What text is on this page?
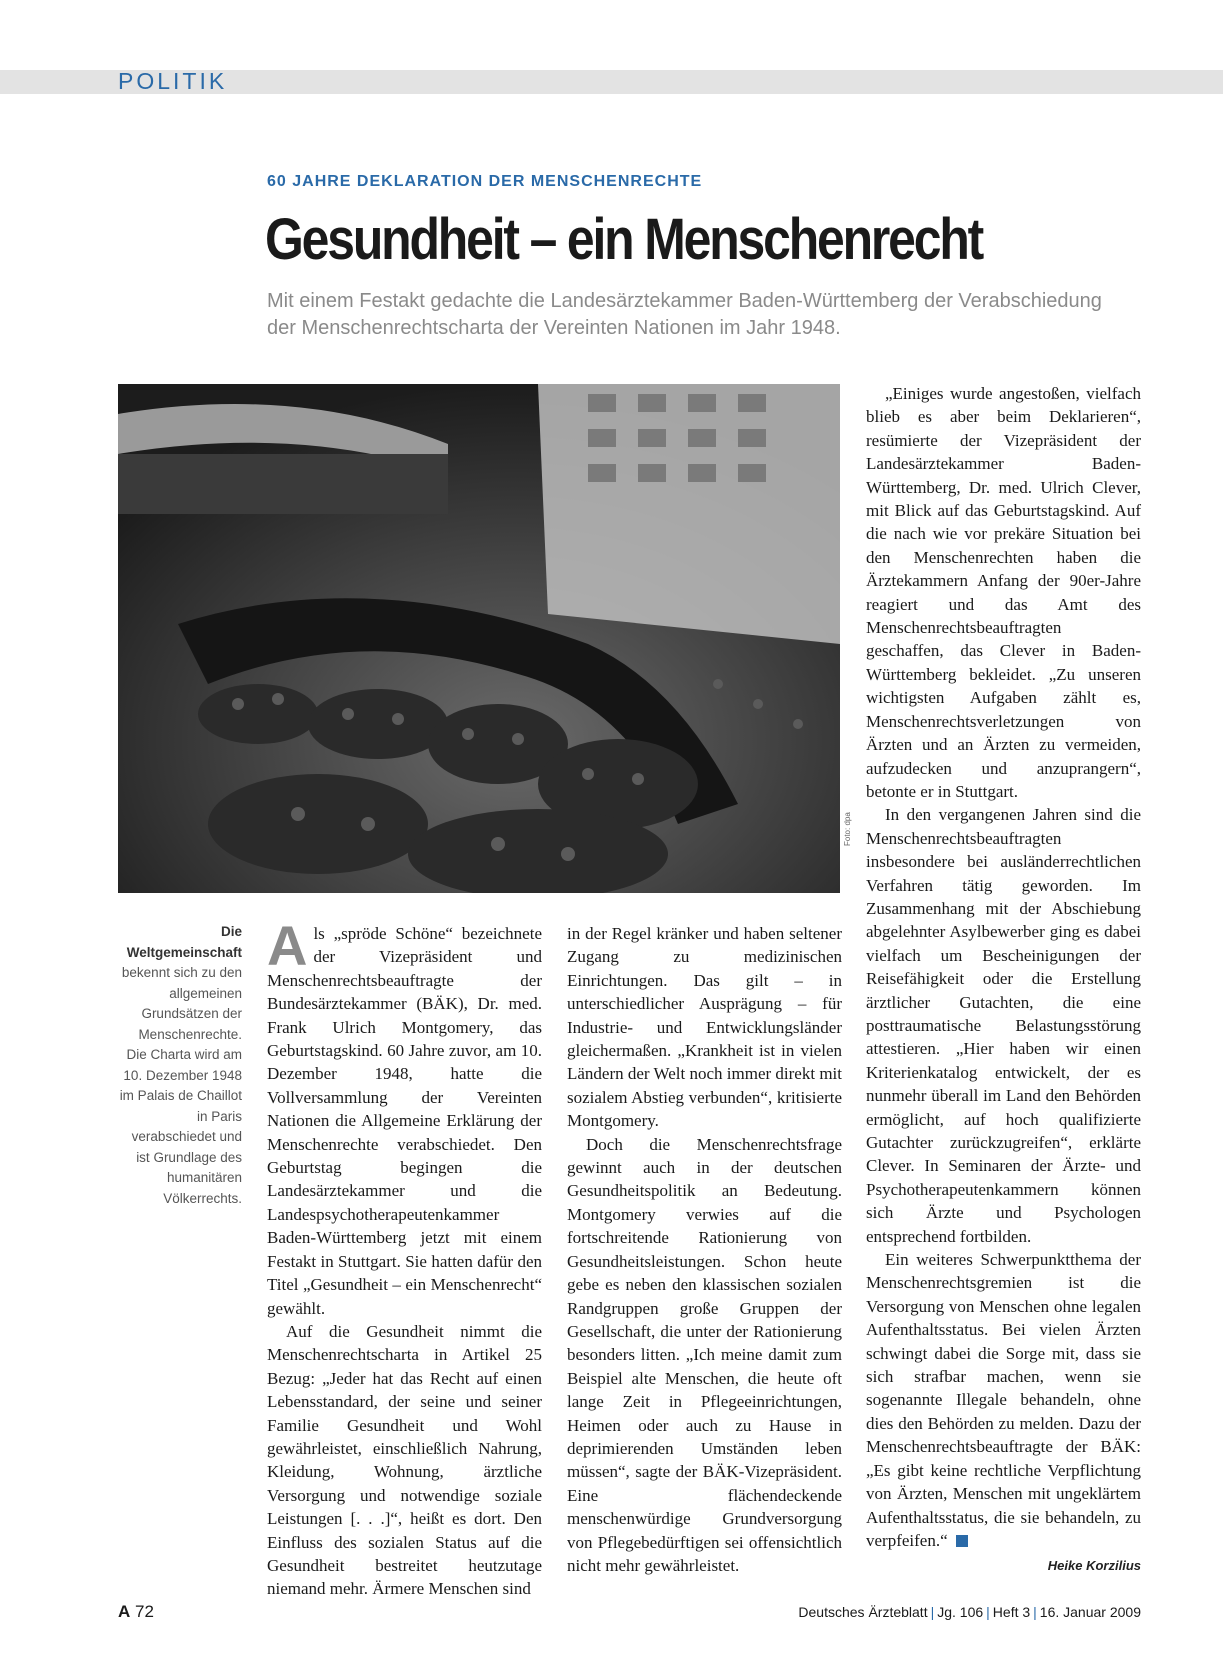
POLITIK
60 JAHRE DEKLARATION DER MENSCHENRECHTE
Gesundheit – ein Menschenrecht

Mit einem Festakt gedachte die Landesärztekammer Baden-Württemberg der Verabschiedung der Menschenrechtscharta der Vereinten Nationen im Jahr 1948.

Foto: dpa

Die Weltgemeinschaft bekennt sich zu den allgemeinen Grundsätzen der Menschenrechte. Die Charta wird am 10. Dezember 1948 im Palais de Chaillot in Paris verabschiedet und ist Grundlage des humanitären Völkerrechts.

Als „spröde Schöne“ bezeichnete der Vizepräsident und Menschenrechtsbeauftragte der Bundesärztekammer (BÄK), Dr. med. Frank Ulrich Montgomery, das Geburtstagskind. 60 Jahre zuvor, am 10. Dezember 1948, hatte die Vollversammlung der Vereinten Nationen die Allgemeine Erklärung der Menschenrechte verabschiedet. Den Geburtstag begingen die Landesärztekammer und die Landespsychotherapeutenkammer Baden-Württemberg jetzt mit einem Festakt in Stuttgart. Sie hatten dafür den Titel „Gesundheit – ein Menschenrecht“ gewählt.

Auf die Gesundheit nimmt die Menschenrechtscharta in Artikel 25 Bezug: „Jeder hat das Recht auf einen Lebensstandard, der seine und seiner Familie Gesundheit und Wohl gewährleistet, einschließlich Nahrung, Kleidung, Wohnung, ärztliche Versorgung und notwendige soziale Leistungen [. . .]“, heißt es dort. Den Einfluss des sozialen Status auf die Gesundheit bestreitet heutzutage niemand mehr. Ärmere Menschen sind

in der Regel kränker und haben seltener Zugang zu medizinischen Einrichtungen. Das gilt – in unterschiedlicher Ausprägung – für Industrie- und Entwicklungsländer gleichermaßen. „Krankheit ist in vielen Ländern der Welt noch immer direkt mit sozialem Abstieg verbunden“, kritisierte Montgomery.

Doch die Menschenrechtsfrage gewinnt auch in der deutschen Gesundheitspolitik an Bedeutung. Montgomery verwies auf die fortschreitende Rationierung von Gesundheitsleistungen. Schon heute gebe es neben den klassischen sozialen Randgruppen große Gruppen der Gesellschaft, die unter der Rationierung besonders litten. „Ich meine damit zum Beispiel alte Menschen, die heute oft lange Zeit in Pflegeeinrichtungen, Heimen oder auch zu Hause in deprimierenden Umständen leben müssen“, sagte der BÄK-Vizepräsident. Eine flächendeckende menschenwürdige Grundversorgung von Pflegebedürftigen sei offensichtlich nicht mehr gewährleistet.

„Einiges wurde angestoßen, vielfach blieb es aber beim Deklarieren“, resümierte der Vizepräsident der Landesärztekammer Baden-Württemberg, Dr. med. Ulrich Clever, mit Blick auf das Geburtstagskind. Auf die nach wie vor prekäre Situation bei den Menschenrechten haben die Ärztekammern Anfang der 90er-Jahre reagiert und das Amt des Menschenrechtsbeauftragten geschaffen, das Clever in Baden-Württemberg bekleidet. „Zu unseren wichtigsten Aufgaben zählt es, Menschenrechtsverletzungen von Ärzten und an Ärzten zu vermeiden, aufzudecken und anzuprangern“, betonte er in Stuttgart.

In den vergangenen Jahren sind die Menschenrechtsbeauftragten insbesondere bei ausländerrechtlichen Verfahren tätig geworden. Im Zusammenhang mit der Abschiebung abgelehnter Asylbewerber ging es dabei vielfach um Bescheinigungen der Reisefähigkeit oder die Erstellung ärztlicher Gutachten, die eine posttraumatische Belastungsstörung attestieren. „Hier haben wir einen Kriterienkatalog entwickelt, der es nunmehr überall im Land den Behörden ermöglicht, auf hoch qualifizierte Gutachter zurückzugreifen“, erklärte Clever. In Seminaren der Ärzte- und Psychotherapeutenkammern können sich Ärzte und Psychologen entsprechend fortbilden.

Ein weiteres Schwerpunktthema der Menschenrechtsgremien ist die Versorgung von Menschen ohne legalen Aufenthaltsstatus. Bei vielen Ärzten schwingt dabei die Sorge mit, dass sie sich strafbar machen, wenn sie sogenannte Illegale behandeln, ohne dies den Behörden zu melden. Dazu der Menschenrechtsbeauftragte der BÄK: „Es gibt keine rechtliche Verpflichtung von Ärzten, Menschen mit ungeklärtem Aufenthaltsstatus, die sie behandeln, zu verpfeifen.“

Heike Korzilius
A 72	Deutsches Ärzteblatt | Jg. 106 | Heft 3 | 16. Januar 2009
